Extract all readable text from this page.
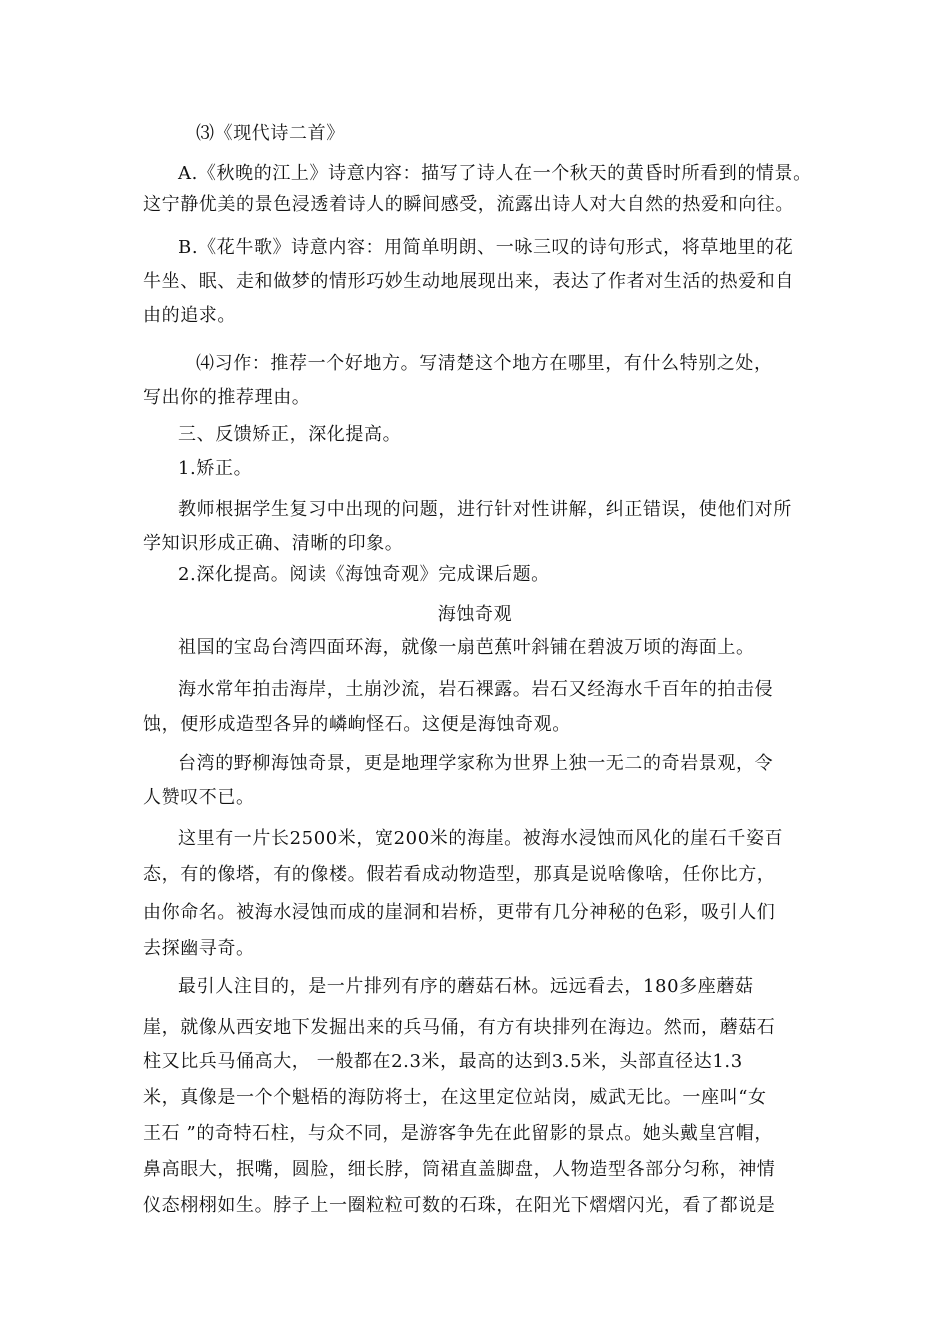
⑶《现代诗二首》
A.《秋晚的江上》诗意内容：描写了诗人在一个秋天的黄昏时所看到的情景。
这宁静优美的景色浸透着诗人的瞬间感受，流露出诗人对大自然的热爱和向往。
B.《花牛歌》诗意内容：用简单明朗、一咏三叹的诗句形式，将草地里的花
牛坐、眠、走和做梦的情形巧妙生动地展现出来，表达了作者对生活的热爱和自
由的追求。
⑷习作：推荐一个好地方。写清楚这个地方在哪里，有什么特别之处，
写出你的推荐理由。
三、反馈矫正，深化提高。
1.矫正。
教师根据学生复习中出现的问题，进行针对性讲解，纠正错误，使他们对所
学知识形成正确、清晰的印象。
2.深化提高。阅读《海蚀奇观》完成课后题。
海蚀奇观
祖国的宝岛台湾四面环海，就像一扇芭蕉叶斜铺在碧波万顷的海面上。
海水常年拍击海岸，土崩沙流，岩石裸露。岩石又经海水千百年的拍击侵
蚀，便形成造型各异的嶙峋怪石。这便是海蚀奇观。
台湾的野柳海蚀奇景，更是地理学家称为世界上独一无二的奇岩景观，令
人赞叹不已。
这里有一片长2500米，宽200米的海崖。被海水浸蚀而风化的崖石千姿百
态，有的像塔，有的像楼。假若看成动物造型，那真是说啥像啥，任你比方，
由你命名。被海水浸蚀而成的崖洞和岩桥，更带有几分神秘的色彩，吸引人们
去探幽寻奇。
最引人注目的，是一片排列有序的蘑菇石林。远远看去，180多座蘑菇
崖，就像从西安地下发掘出来的兵马俑，有方有块排列在海边。然而，蘑菇石
柱又比兵马俑高大， 一般都在2.3米，最高的达到3.5米，头部直径达1.3
米，真像是一个个魁梧的海防将士，在这里定位站岗，威武无比。一座叫“女
王石 ”的奇特石柱，与众不同，是游客争先在此留影的景点。她头戴皇宫帽，
鼻高眼大，抿嘴，圆脸，细长脖，筒裙直盖脚盘，人物造型各部分匀称，神情
仪态栩栩如生。脖子上一圈粒粒可数的石珠，在阳光下熠熠闪光，看了都说是
